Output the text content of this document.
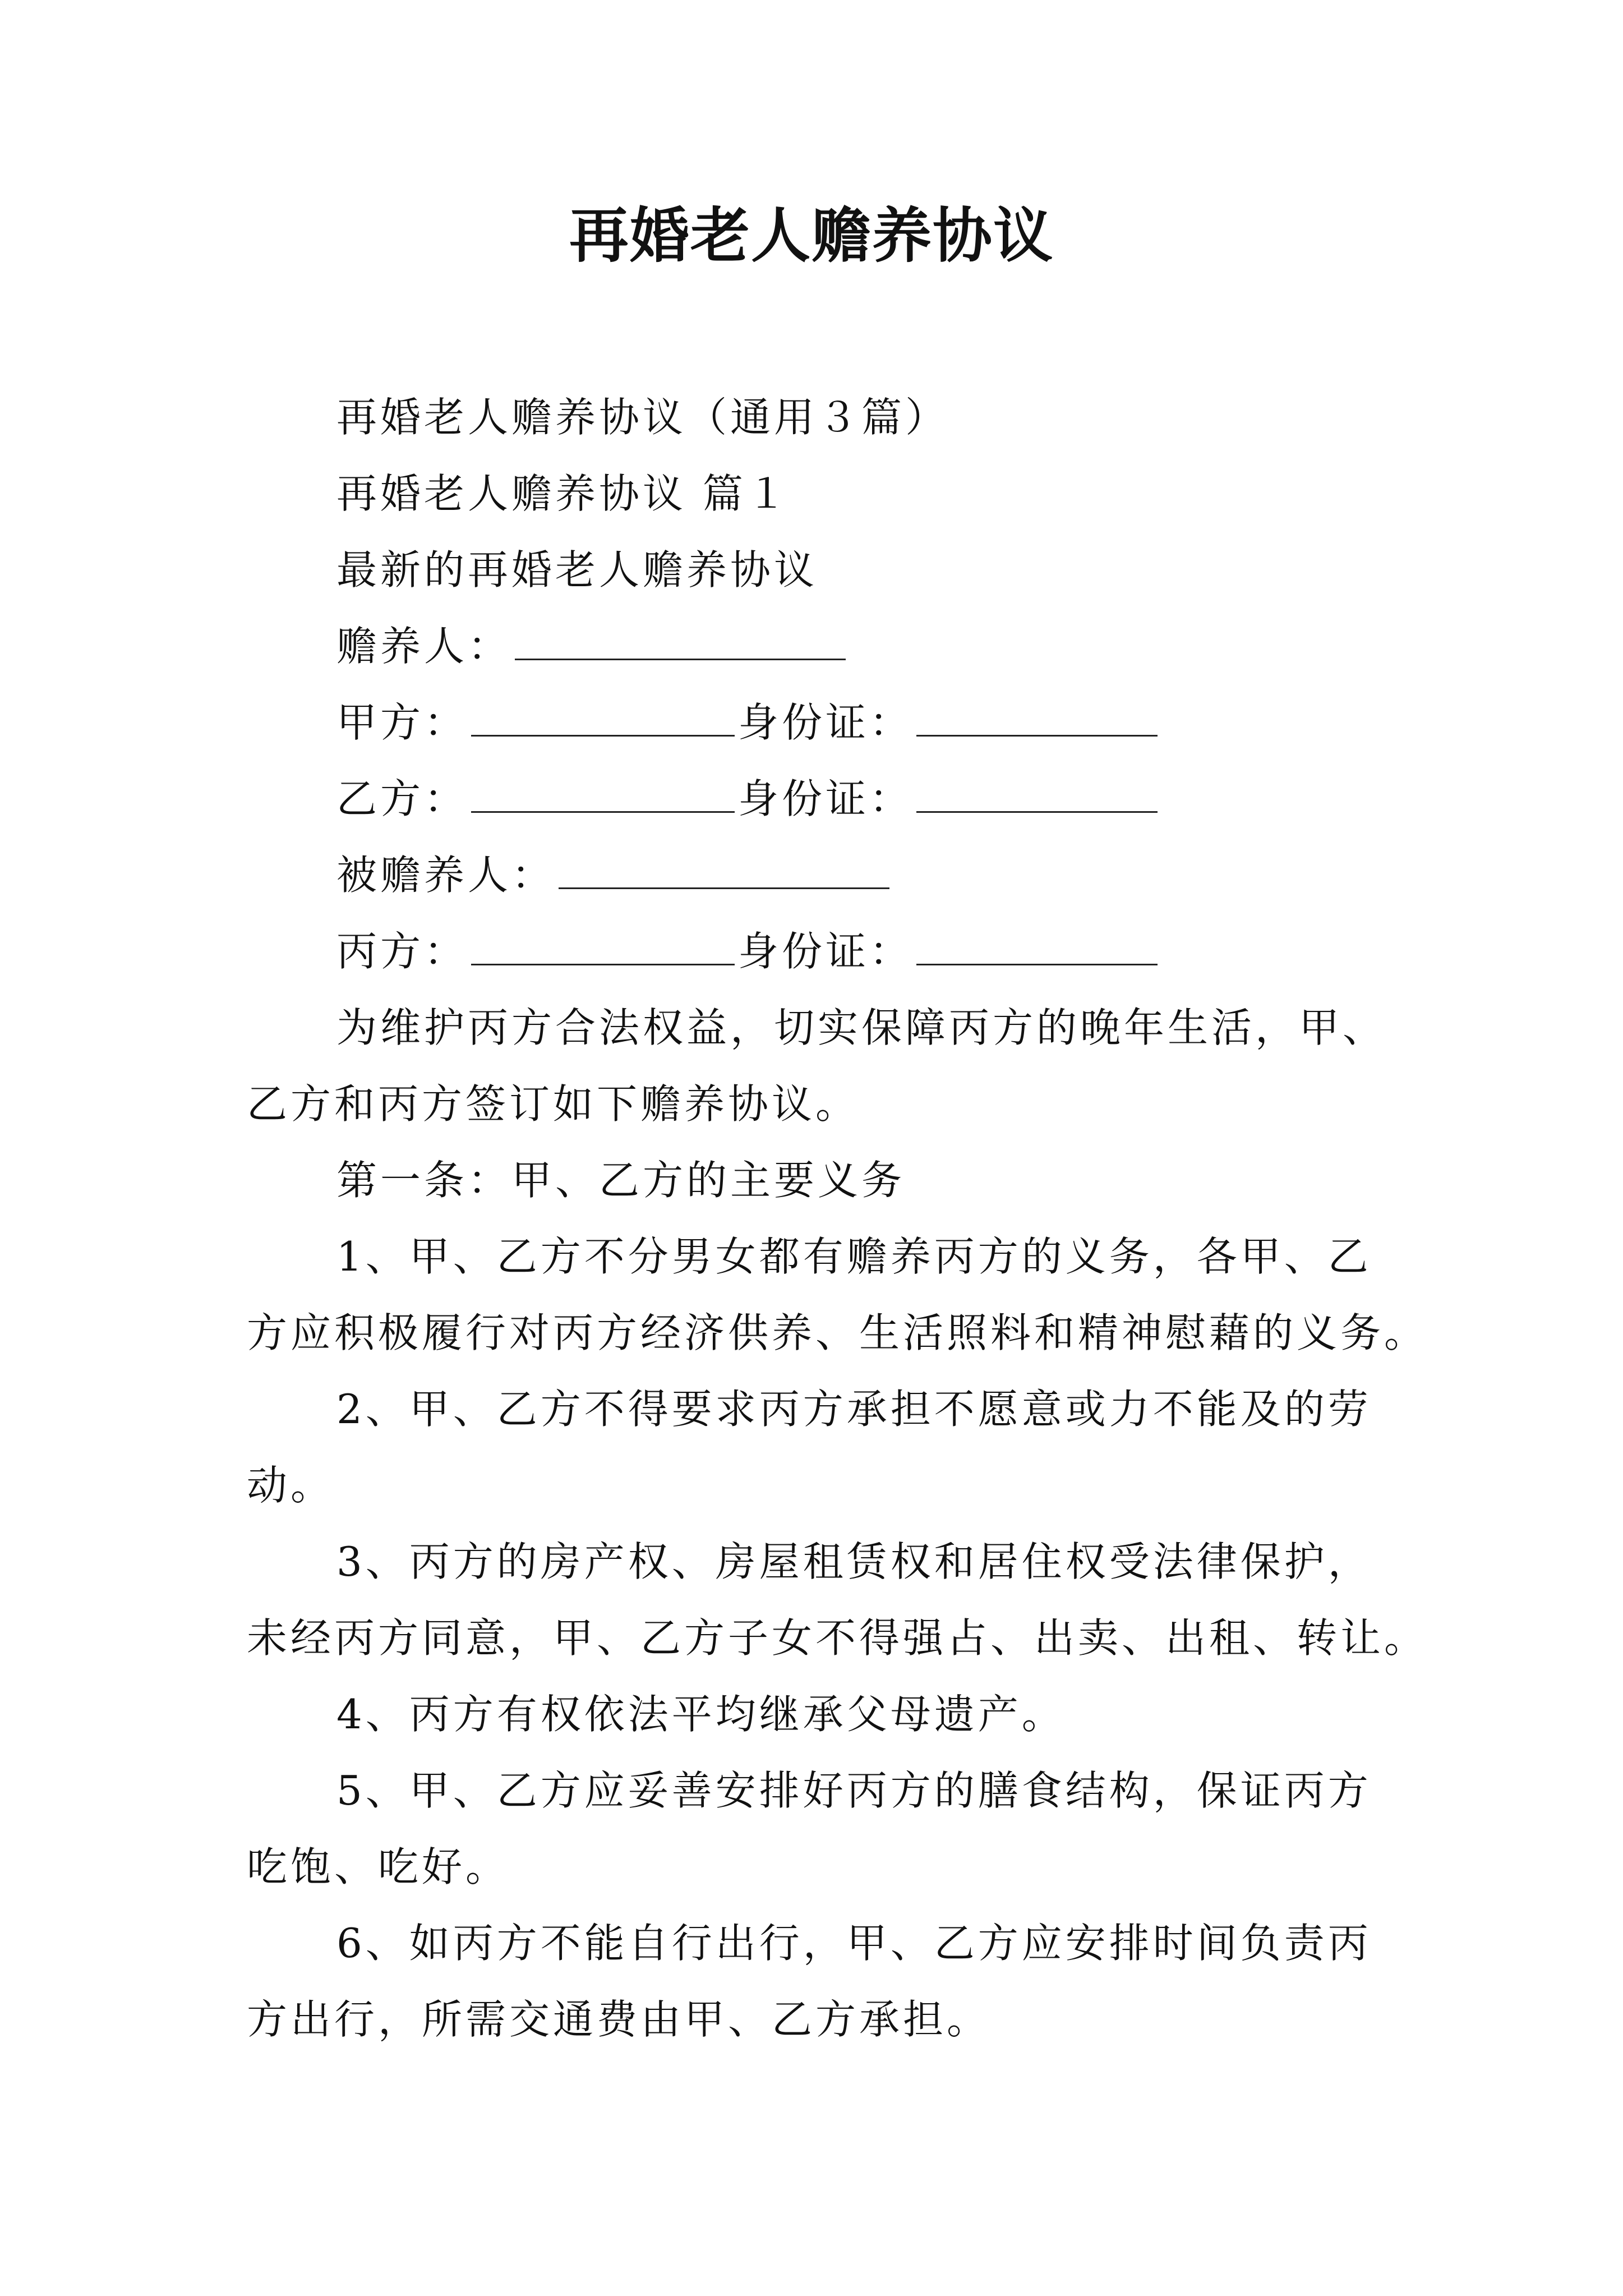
再婚老人赡养协议
再婚老人赡养协议（通用３篇）
再婚老人赡养协议 篇１
最新的再婚老人赡养协议
赡养人：
甲方：	身份证：
乙方：	身份证：
被赡养人：
丙方：	身份证：
为维护丙方合法权益，切实保障丙方的晚年生活，甲、
乙方和丙方签订如下赡养协议。
第一条：甲、乙方的主要义务
1、甲、乙方不分男女都有赡养丙方的义务，各甲、乙
方应积极履行对丙方经济供养、生活照料和精神慰藉的义务。
2、甲、乙方不得要求丙方承担不愿意或力不能及的劳
动。
3、丙方的房产权、房屋租赁权和居住权受法律保护，
未经丙方同意，甲、乙方子女不得强占、出卖、出租、转让。
4、丙方有权依法平均继承父母遗产。
5、甲、乙方应妥善安排好丙方的膳食结构，保证丙方
吃饱、吃好。
6、如丙方不能自行出行，甲、乙方应安排时间负责丙
方出行，所需交通费由甲、乙方承担。
